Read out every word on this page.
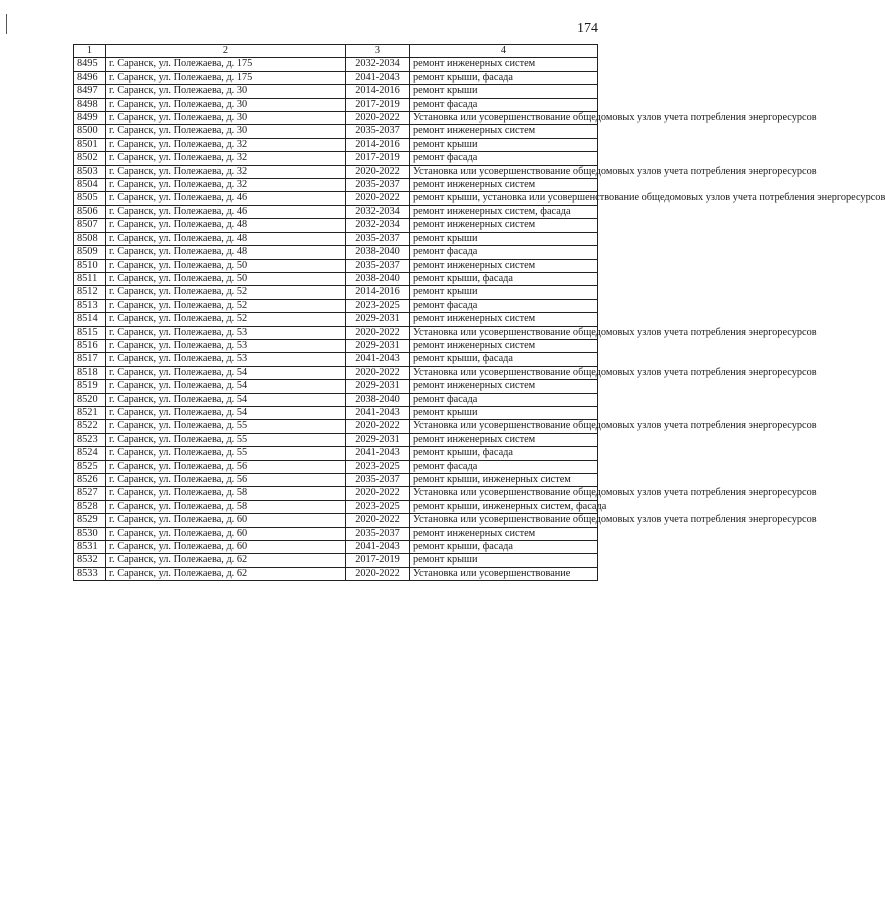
174
1	2	3	4
8495	г. Саранск, ул. Полежаева, д. 175	2032-2034	ремонт инженерных систем
8496	г. Саранск, ул. Полежаева, д. 175	2041-2043	ремонт крыши, фасада
8497	г. Саранск, ул. Полежаева, д. 30	2014-2016	ремонт крыши
8498	г. Саранск, ул. Полежаева, д. 30	2017-2019	ремонт фасада
8499	г. Саранск, ул. Полежаева, д. 30	2020-2022	Установка или усовершенствование общедомовых узлов учета потребления энергоресурсов
8500	г. Саранск, ул. Полежаева, д. 30	2035-2037	ремонт инженерных систем
8501	г. Саранск, ул. Полежаева, д. 32	2014-2016	ремонт крыши
8502	г. Саранск, ул. Полежаева, д. 32	2017-2019	ремонт фасада
8503	г. Саранск, ул. Полежаева, д. 32	2020-2022	Установка или усовершенствование общедомовых узлов учета потребления энергоресурсов
8504	г. Саранск, ул. Полежаева, д. 32	2035-2037	ремонт инженерных систем
8505	г. Саранск, ул. Полежаева, д. 46	2020-2022	ремонт крыши, установка или усовершенствование общедомовых узлов учета потребления энергоресурсов
8506	г. Саранск, ул. Полежаева, д. 46	2032-2034	ремонт инженерных систем, фасада
8507	г. Саранск, ул. Полежаева, д. 48	2032-2034	ремонт инженерных систем
8508	г. Саранск, ул. Полежаева, д. 48	2035-2037	ремонт крыши
8509	г. Саранск, ул. Полежаева, д. 48	2038-2040	ремонт фасада
8510	г. Саранск, ул. Полежаева, д. 50	2035-2037	ремонт инженерных систем
8511	г. Саранск, ул. Полежаева, д. 50	2038-2040	ремонт крыши, фасада
8512	г. Саранск, ул. Полежаева, д. 52	2014-2016	ремонт крыши
8513	г. Саранск, ул. Полежаева, д. 52	2023-2025	ремонт фасада
8514	г. Саранск, ул. Полежаева, д. 52	2029-2031	ремонт инженерных систем
8515	г. Саранск, ул. Полежаева, д. 53	2020-2022	Установка или усовершенствование общедомовых узлов учета потребления энергоресурсов
8516	г. Саранск, ул. Полежаева, д. 53	2029-2031	ремонт инженерных систем
8517	г. Саранск, ул. Полежаева, д. 53	2041-2043	ремонт крыши, фасада
8518	г. Саранск, ул. Полежаева, д. 54	2020-2022	Установка или усовершенствование общедомовых узлов учета потребления энергоресурсов
8519	г. Саранск, ул. Полежаева, д. 54	2029-2031	ремонт инженерных систем
8520	г. Саранск, ул. Полежаева, д. 54	2038-2040	ремонт фасада
8521	г. Саранск, ул. Полежаева, д. 54	2041-2043	ремонт крыши
8522	г. Саранск, ул. Полежаева, д. 55	2020-2022	Установка или усовершенствование общедомовых узлов учета потребления энергоресурсов
8523	г. Саранск, ул. Полежаева, д. 55	2029-2031	ремонт инженерных систем
8524	г. Саранск, ул. Полежаева, д. 55	2041-2043	ремонт крыши, фасада
8525	г. Саранск, ул. Полежаева, д. 56	2023-2025	ремонт фасада
8526	г. Саранск, ул. Полежаева, д. 56	2035-2037	ремонт крыши, инженерных систем
8527	г. Саранск, ул. Полежаева, д. 58	2020-2022	Установка или усовершенствование общедомовых узлов учета потребления энергоресурсов
8528	г. Саранск, ул. Полежаева, д. 58	2023-2025	ремонт крыши, инженерных систем, фасада
8529	г. Саранск, ул. Полежаева, д. 60	2020-2022	Установка или усовершенствование общедомовых узлов учета потребления энергоресурсов
8530	г. Саранск, ул. Полежаева, д. 60	2035-2037	ремонт инженерных систем
8531	г. Саранск, ул. Полежаева, д. 60	2041-2043	ремонт крыши, фасада
8532	г. Саранск, ул. Полежаева, д. 62	2017-2019	ремонт крыши
8533	г. Саранск, ул. Полежаева, д. 62	2020-2022	Установка или усовершенствование
